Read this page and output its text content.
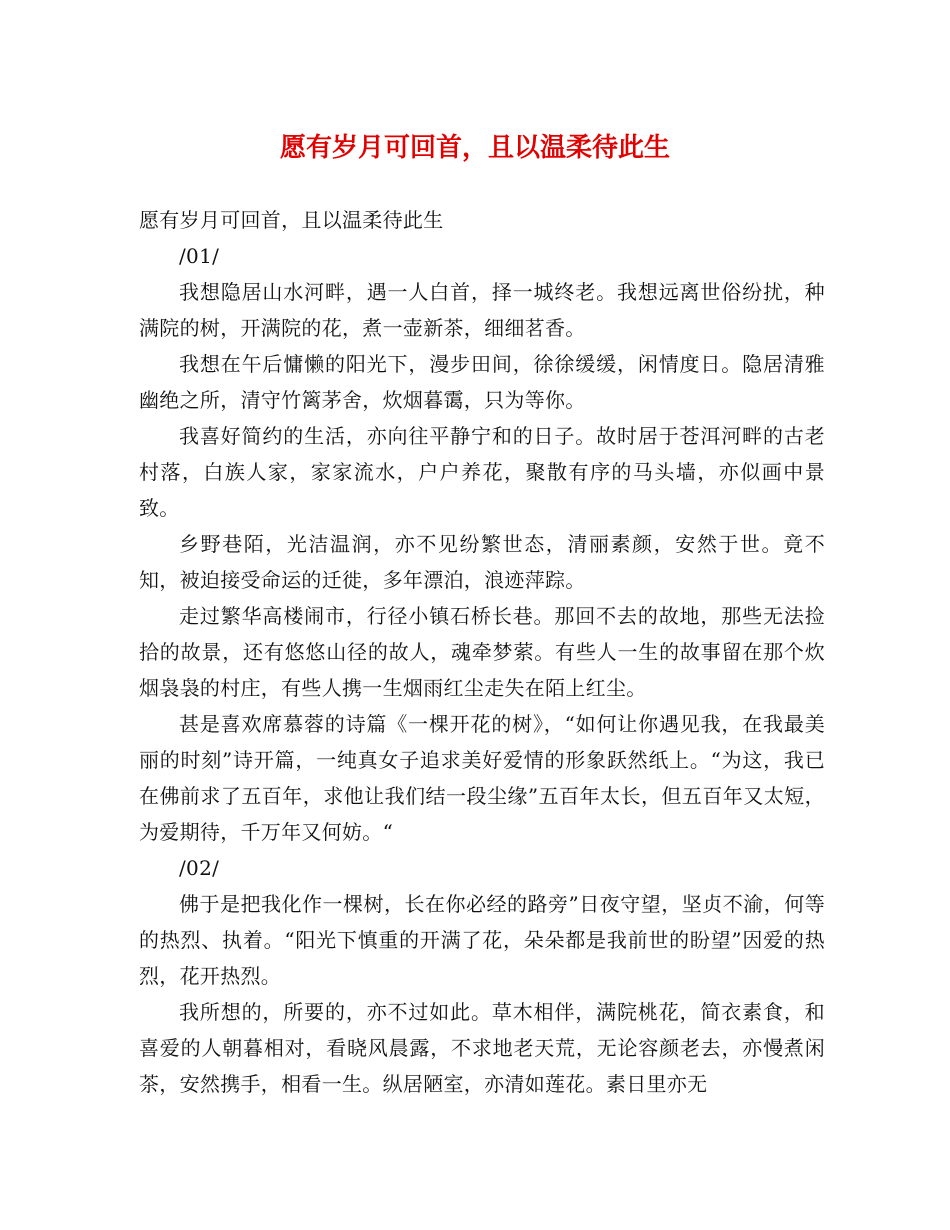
愿有岁月可回首，且以温柔待此生

愿有岁月可回首，且以温柔待此生

/01/

我想隐居山水河畔，遇一人白首，择一城终老。我想远离世俗纷扰，种满院的树，开满院的花，煮一壶新茶，细细茗香。

我想在午后慵懒的阳光下，漫步田间，徐徐缓缓，闲情度日。隐居清雅幽绝之所，清守竹篱茅舍，炊烟暮霭，只为等你。

我喜好简约的生活，亦向往平静宁和的日子。故时居于苍洱河畔的古老村落，白族人家，家家流水，户户养花，聚散有序的马头墙，亦似画中景致。

乡野巷陌，光洁温润，亦不见纷繁世态，清丽素颜，安然于世。竟不知，被迫接受命运的迁徙，多年漂泊，浪迹萍踪。

走过繁华高楼闹市，行径小镇石桥长巷。那回不去的故地，那些无法捡拾的故景，还有悠悠山径的故人，魂牵梦萦。有些人一生的故事留在那个炊烟袅袅的村庄，有些人携一生烟雨红尘走失在陌上红尘。

甚是喜欢席慕蓉的诗篇《一棵开花的树》，“如何让你遇见我，在我最美丽的时刻”诗开篇，一纯真女子追求美好爱情的形象跃然纸上。“为这，我已在佛前求了五百年，求他让我们结一段尘缘”五百年太长，但五百年又太短，为爱期待，千万年又何妨。“

/02/

佛于是把我化作一棵树，长在你必经的路旁”日夜守望，坚贞不渝，何等的热烈、执着。“阳光下慎重的开满了花，朵朵都是我前世的盼望”因爱的热烈，花开热烈。

我所想的，所要的，亦不过如此。草木相伴，满院桃花，简衣素食，和喜爱的人朝暮相对，看晓风晨露，不求地老天荒，无论容颜老去，亦慢煮闲茶，安然携手，相看一生。纵居陋室，亦清如莲花。素日里亦无
